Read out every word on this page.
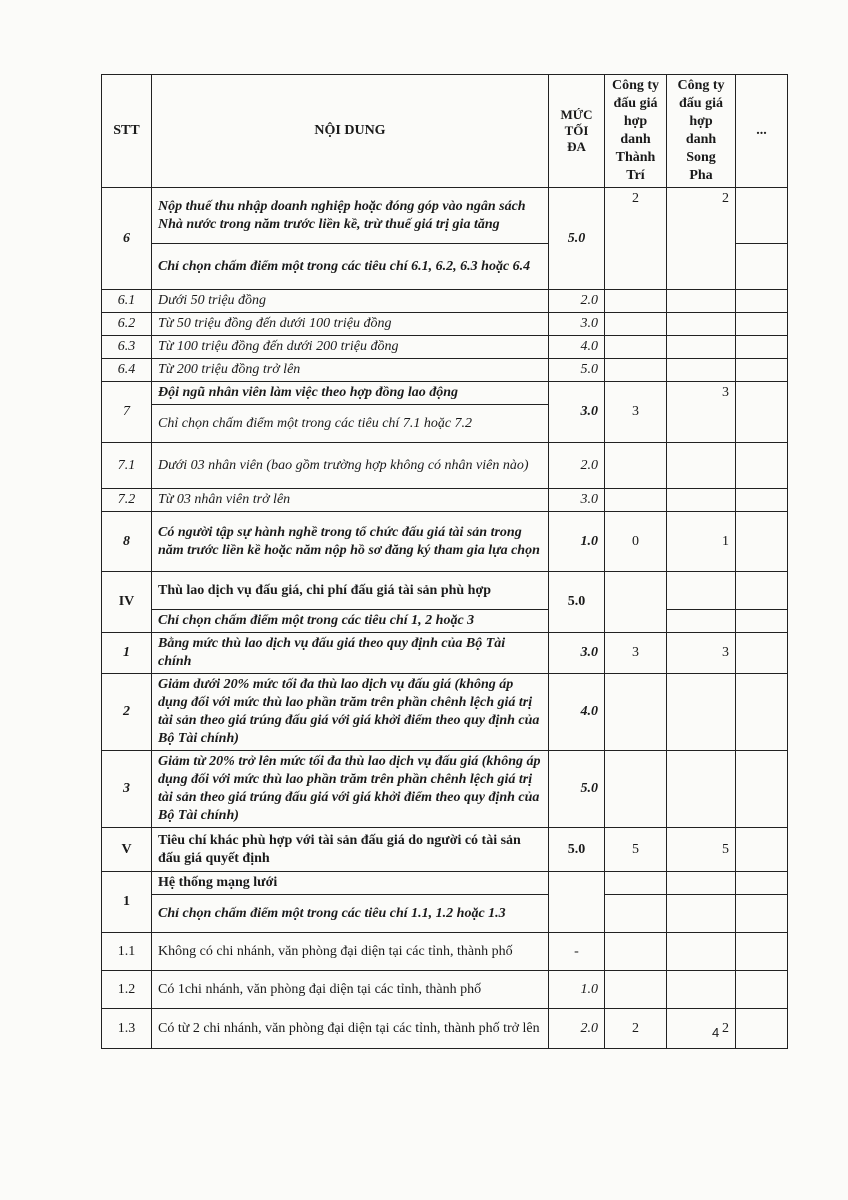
STT	NỘI DUNG	MỨC TỐI ĐA	Công ty đấu giá hợp danh Thành Trí	Công ty đấu giá hợp danh Song Pha	...
6	Nộp thuế thu nhập doanh nghiệp hoặc đóng góp vào ngân sách Nhà nước trong năm trước liền kề, trừ thuế giá trị gia tăng	5.0	2	2	
	Chỉ chọn chấm điểm một trong các tiêu chí 6.1, 6.2, 6.3 hoặc 6.4				
6.1	Dưới 50 triệu đồng	2.0			
6.2	Từ 50 triệu đồng đến dưới 100 triệu đồng	3.0			
6.3	Từ 100 triệu đồng đến dưới 200 triệu đồng	4.0			
6.4	Từ 200 triệu đồng trở lên	5.0			
7	Đội ngũ nhân viên làm việc theo hợp đồng lao động	3.0	3	3	
	Chỉ chọn chấm điểm một trong các tiêu chí 7.1 hoặc 7.2				
7.1	Dưới 03 nhân viên (bao gồm trường hợp không có nhân viên nào)	2.0			
7.2	Từ 03 nhân viên trở lên	3.0			
8	Có người tập sự hành nghề trong tổ chức đấu giá tài sản trong năm trước liền kề hoặc năm nộp hồ sơ đăng ký tham gia lựa chọn	1.0	0	1	
IV	Thù lao dịch vụ đấu giá, chi phí đấu giá tài sản phù hợp	5.0			
	Chỉ chọn chấm điểm một trong các tiêu chí 1, 2 hoặc 3				
1	Bằng mức thù lao dịch vụ đấu giá theo quy định của Bộ Tài chính	3.0	3	3	
2	Giảm dưới 20% mức tối đa thù lao dịch vụ đấu giá (không áp dụng đối với mức thù lao phần trăm trên phần chênh lệch giá trị tài sản theo giá trúng đấu giá với giá khởi điểm theo quy định của Bộ Tài chính)	4.0			
3	Giảm từ 20% trở lên mức tối đa thù lao dịch vụ đấu giá (không áp dụng đối với mức thù lao phần trăm trên phần chênh lệch giá trị tài sản theo giá trúng đấu giá với giá khởi điểm theo quy định của Bộ Tài chính)	5.0			
V	Tiêu chí khác phù hợp với tài sản đấu giá do người có tài sản đấu giá quyết định	5.0	5	5	
1	Hệ thống mạng lưới				
	Chỉ chọn chấm điểm một trong các tiêu chí 1.1, 1.2 hoặc 1.3				
1.1	Không có chi nhánh, văn phòng đại diện tại các tỉnh, thành phố	-			
1.2	Có 1chi nhánh, văn phòng đại diện tại các tỉnh, thành phố	1.0			
1.3	Có từ 2 chi nhánh, văn phòng đại diện tại các tỉnh, thành phố trở lên	2.0	2	2	
4
